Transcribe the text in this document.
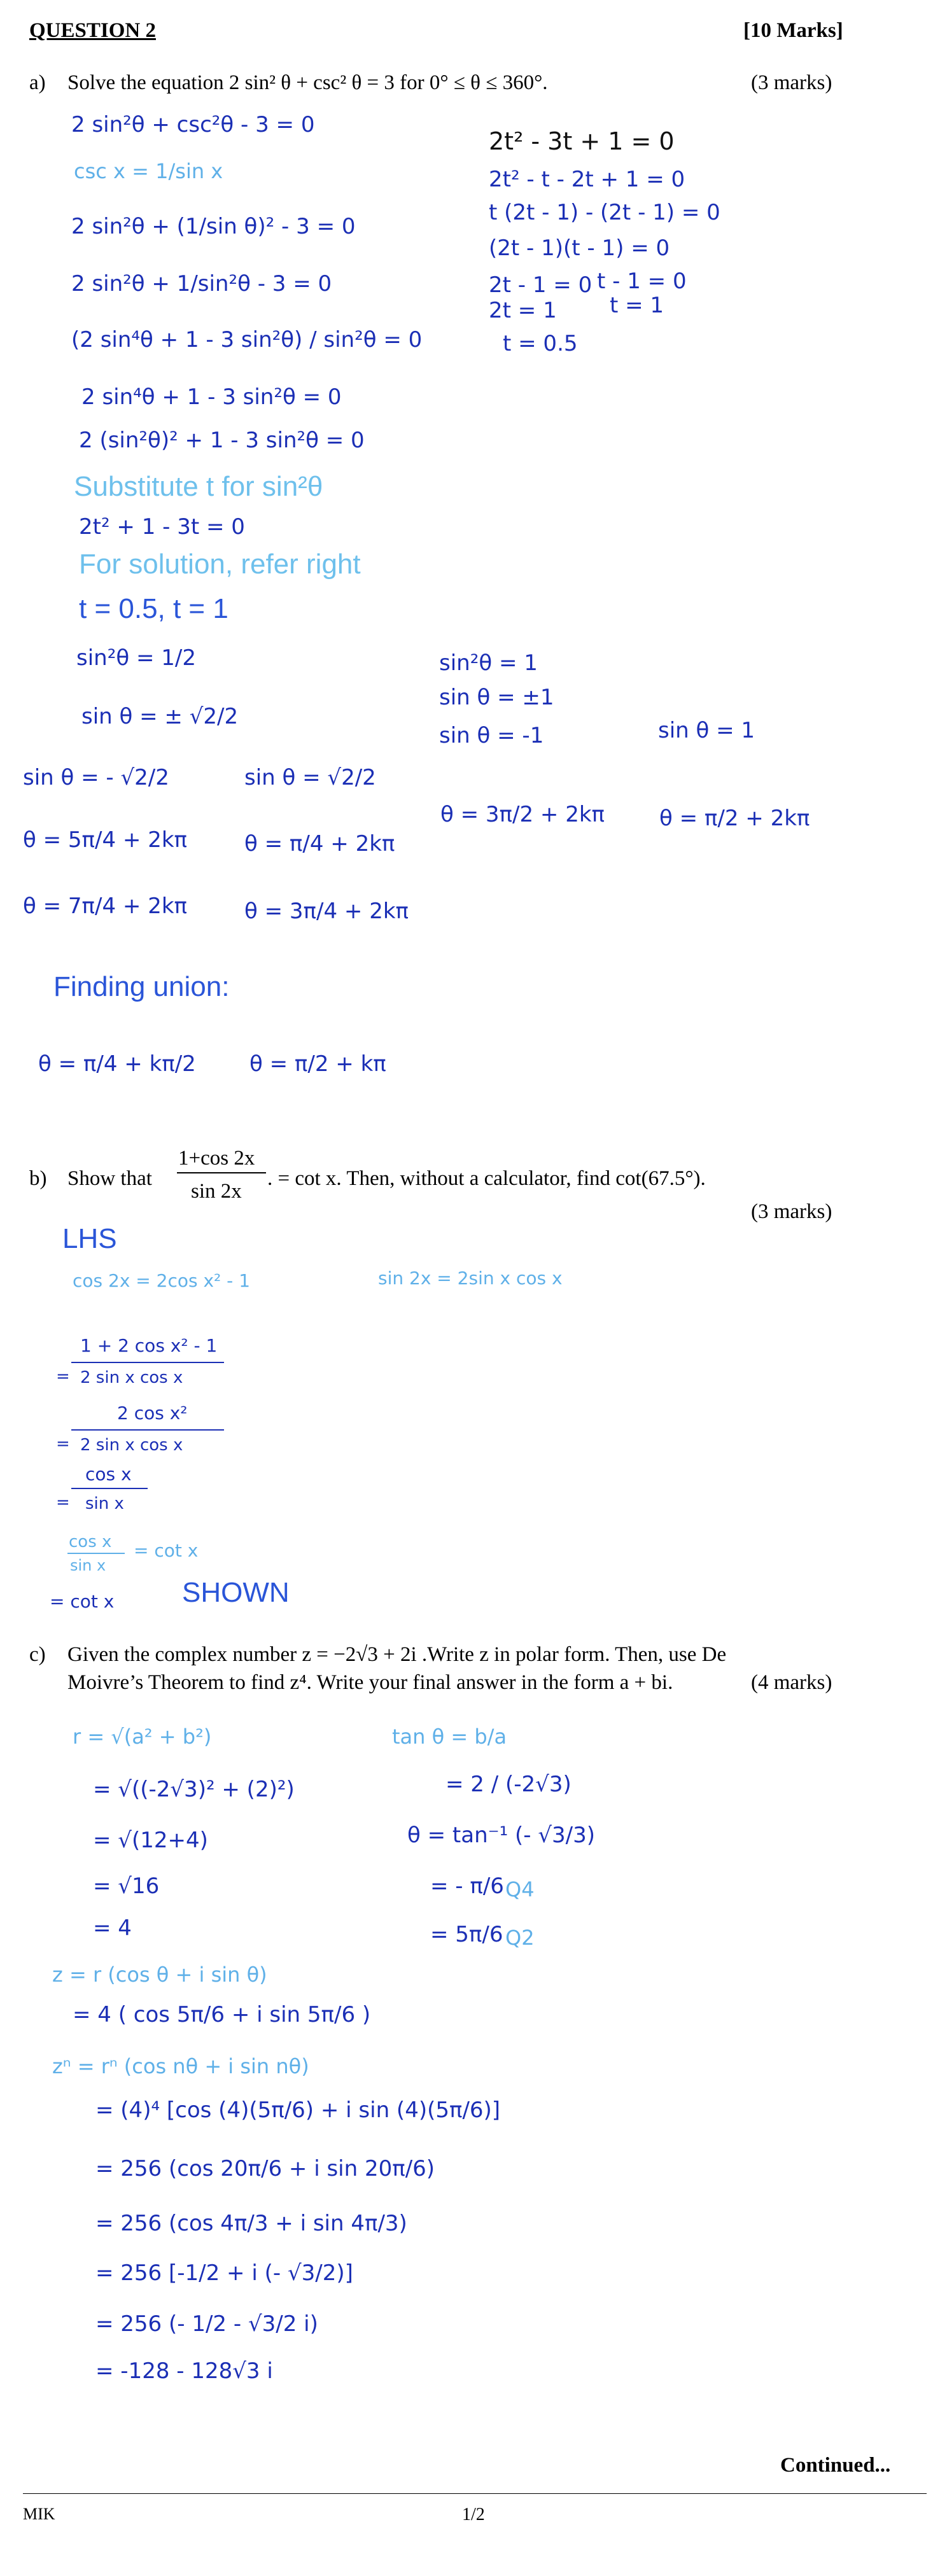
QUESTION 2	[10 Marks]
a) Solve the equation 2 sin² θ + csc² θ = 3 for 0° ≤ θ ≤ 360°.	(3 marks)
2 sin²θ + csc²θ - 3 = 0
csc x = 1/sin x
2 sin²θ + (1/sin θ)² - 3 = 0
2 sin²θ + 1/sin²θ - 3 = 0
(2 sin⁴θ + 1 - 3 sin²θ) / sin²θ = 0
2 sin⁴θ + 1 - 3 sin²θ = 0
2 (sin²θ)² + 1 - 3 sin²θ = 0
Substitute t for sin²θ
2t² + 1 - 3t = 0
For solution, refer right
t = 0.5, t = 1
2t² - 3t + 1 = 0
2t² - t - 2t + 1 = 0
t (2t - 1) - (2t - 1) = 0
(2t - 1)(t - 1) = 0
2t - 1 = 0 t - 1 = 0
2t = 1 t = 1
t = 0.5
sin²θ = 1/2
sin θ = ± √2/2
sin²θ = 1
sin θ = ±1
sin θ = -1	sin θ = 1
sin θ = - √2/2	sin θ = √2/2
θ = 5π/4 + 2kπ	θ = π/4 + 2kπ
θ = 3π/2 + 2kπ	θ = π/2 + 2kπ
θ = 7π/4 + 2kπ	θ = 3π/4 + 2kπ
Finding union:
θ = π/4 + kπ/2 θ = π/2 + kπ
b) Show that
1+cos 2x
sin 2x
. = cot x. Then, without a calculator, find cot(67.5°).
(3 marks)
LHS
cos 2x = 2cos x² - 1	sin 2x = 2sin x cos x
=
1 + 2 cos x² - 1
2 sin x cos x
=
2 cos x²
2 sin x cos x
=
cos x
sin x
cos x
sin x
= cot x
= cot x SHOWN
c) Given the complex number z = −2√3 + 2i .Write z in polar form. Then, use De
Moivre’s Theorem to find z⁴. Write your final answer in the form a + bi.	(4 marks)
r = √(a² + b²)
= √((-2√3)² + (2)²)
= √(12+4)
= √16
= 4
tan θ = b/a
= 2 / (-2√3)
θ = tan⁻¹ (- √3/3)
= - π/6 Q4
= 5π/6 Q2
z = r (cos θ + i sin θ)
= 4 ( cos 5π/6 + i sin 5π/6 )
zⁿ = rⁿ (cos nθ + i sin nθ)
= (4)⁴ [cos (4)(5π/6) + i sin (4)(5π/6)]
= 256 (cos 20π/6 + i sin 20π/6)
= 256 (cos 4π/3 + i sin 4π/3)
= 256 [-1/2 + i (- √3/2)]
= 256 (- 1/2 - √3/2 i)
= -128 - 128√3 i
Continued...
MIK	1/2
